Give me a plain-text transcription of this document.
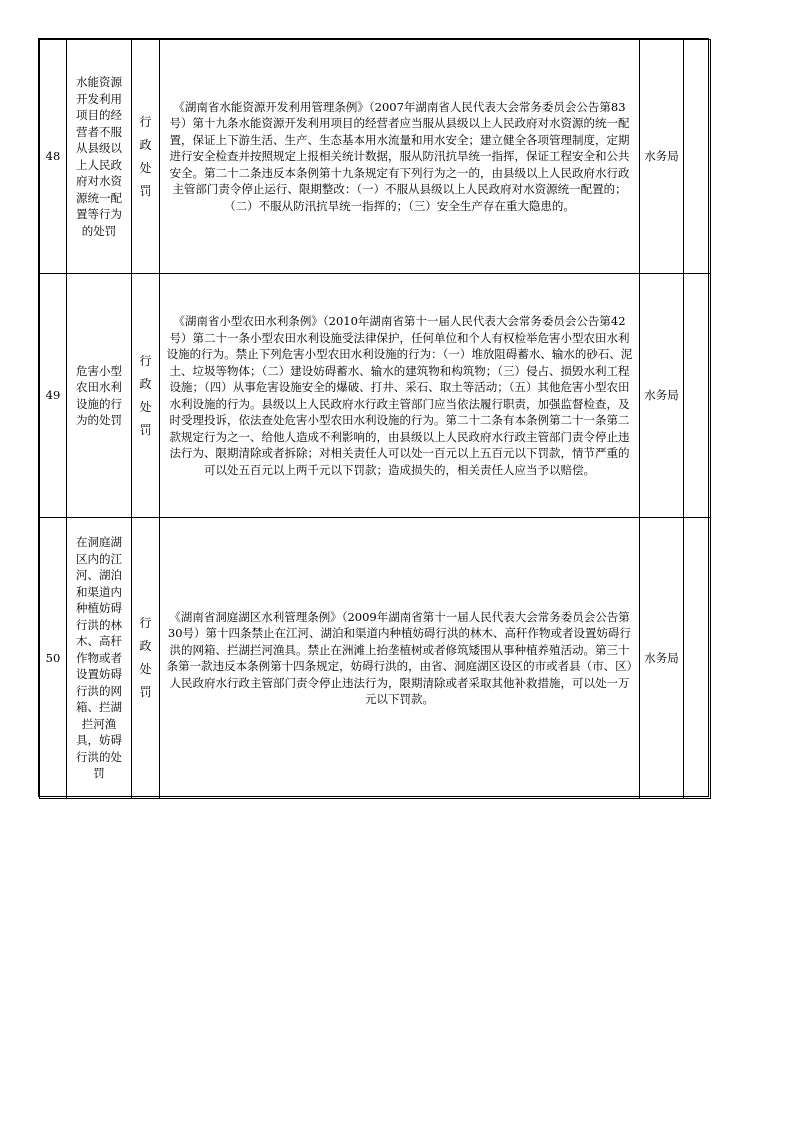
48	水能资源开发利用项目的经营者不服从县级以上人民政府对水资源统一配置等行为的处罚	行政处罚	《湖南省水能资源开发利用管理条例》（2007年湖南省人民代表大会常务委员会公告第83号）第十九条水能资源开发利用项目的经营者应当服从县级以上人民政府对水资源的统一配置，保证上下游生活、生产、生态基本用水流量和用水安全；建立健全各项管理制度，定期进行安全检查并按照规定上报相关统计数据，服从防汛抗旱统一指挥，保证工程安全和公共安全。第二十二条违反本条例第十九条规定有下列行为之一的，由县级以上人民政府水行政主管部门责令停止运行、限期整改：（一）不服从县级以上人民政府对水资源统一配置的；（二）不服从防汛抗旱统一指挥的；（三）安全生产存在重大隐患的。	水务局		
49	危害小型农田水利设施的行为的处罚	行政处罚	《湖南省小型农田水利条例》（2010年湖南省第十一届人民代表大会常务委员会公告第42号）第二十一条小型农田水利设施受法律保护，任何单位和个人有权检举危害小型农田水利设施的行为。禁止下列危害小型农田水利设施的行为：（一）堆放阻碍蓄水、输水的砂石、泥土、垃圾等物体；（二）建设妨碍蓄水、输水的建筑物和构筑物；（三）侵占、损毁水利工程设施；（四）从事危害设施安全的爆破、打井、采石、取土等活动；（五）其他危害小型农田水利设施的行为。县级以上人民政府水行政主管部门应当依法履行职责，加强监督检查，及时受理投诉，依法查处危害小型农田水利设施的行为。第二十二条有本条例第二十一条第二款规定行为之一、给他人造成不利影响的，由县级以上人民政府水行政主管部门责令停止违法行为、限期清除或者拆除；对相关责任人可以处一百元以上五百元以下罚款，情节严重的可以处五百元以上两千元以下罚款；造成损失的，相关责任人应当予以赔偿。	水务局		
50	在洞庭湖区内的江河、湖泊和渠道内种植妨碍行洪的林木、高秆作物或者设置妨碍行洪的网箱、拦湖拦河渔具，妨碍行洪的处罚	行政处罚	《湖南省洞庭湖区水利管理条例》（2009年湖南省第十一届人民代表大会常务委员会公告第30号）第十四条禁止在江河、湖泊和渠道内种植妨碍行洪的林木、高秆作物或者设置妨碍行洪的网箱、拦湖拦河渔具。禁止在洲滩上抬垄植树或者修筑矮围从事种植养殖活动。第三十条第一款违反本条例第十四条规定，妨碍行洪的，由省、洞庭湖区设区的市或者县（市、区）人民政府水行政主管部门责令停止违法行为，限期清除或者采取其他补救措施，可以处一万元以下罚款。	水务局		
